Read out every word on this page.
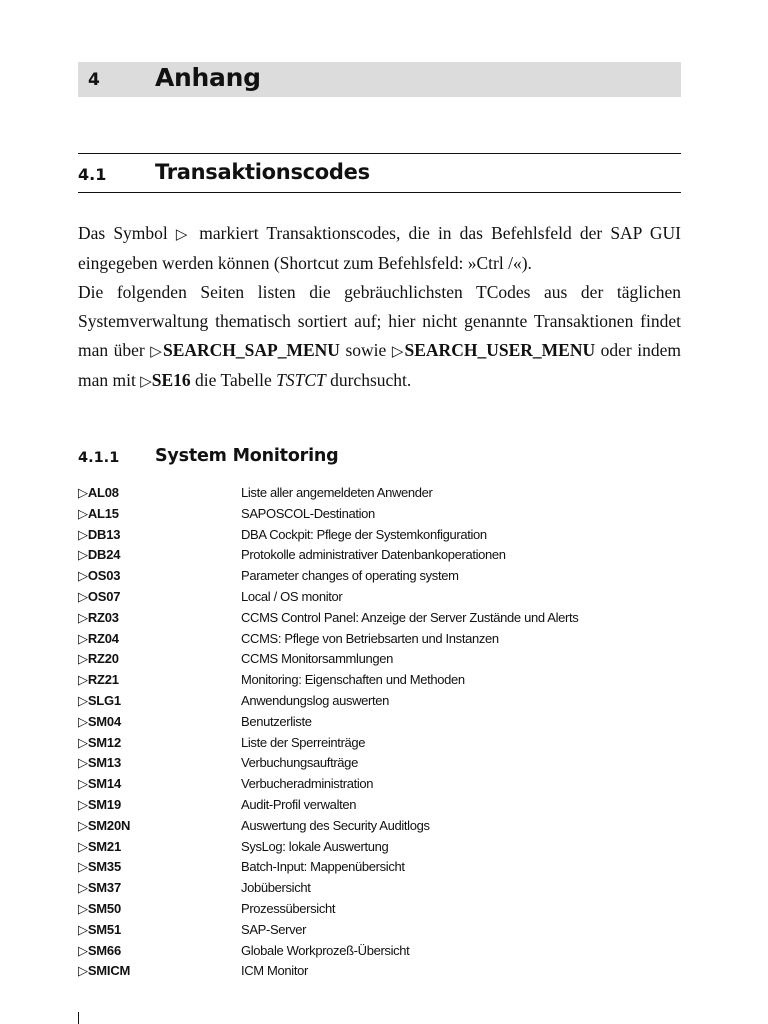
4 Anhang
4.1 Transaktionscodes

Das Symbol ▷ markiert Transaktionscodes, die in das Befehlsfeld der SAP GUI eingegeben werden können (Shortcut zum Befehlsfeld: »Ctrl /«).

Die folgenden Seiten listen die gebräuchlichsten TCodes aus der täglichen Systemverwaltung thematisch sortiert auf; hier nicht genannte Transaktionen findet man über ▷SEARCH_SAP_MENU sowie ▷SEARCH_USER_MENU oder indem man mit ▷SE16 die Tabelle TSTCT durchsucht.

4.1.1 System Monitoring
▷AL08	Liste aller angemeldeten Anwender
▷AL15	SAPOSCOL-Destination
▷DB13	DBA Cockpit: Pflege der Systemkonfiguration
▷DB24	Protokolle administrativer Datenbankoperationen
▷OS03	Parameter changes of operating system
▷OS07	Local / OS monitor
▷RZ03	CCMS Control Panel: Anzeige der Server Zustände und Alerts
▷RZ04	CCMS: Pflege von Betriebsarten und Instanzen
▷RZ20	CCMS Monitorsammlungen
▷RZ21	Monitoring: Eigenschaften und Methoden
▷SLG1	Anwendungslog auswerten
▷SM04	Benutzerliste
▷SM12	Liste der Sperreinträge
▷SM13	Verbuchungsaufträge
▷SM14	Verbucheradministration
▷SM19	Audit-Profil verwalten
▷SM20N	Auswertung des Security Auditlogs
▷SM21	SysLog: lokale Auswertung
▷SM35	Batch-Input: Mappenübersicht
▷SM37	Jobübersicht
▷SM50	Prozessübersicht
▷SM51	SAP-Server
▷SM66	Globale Workprozeß-Übersicht
▷SMICM	ICM Monitor
